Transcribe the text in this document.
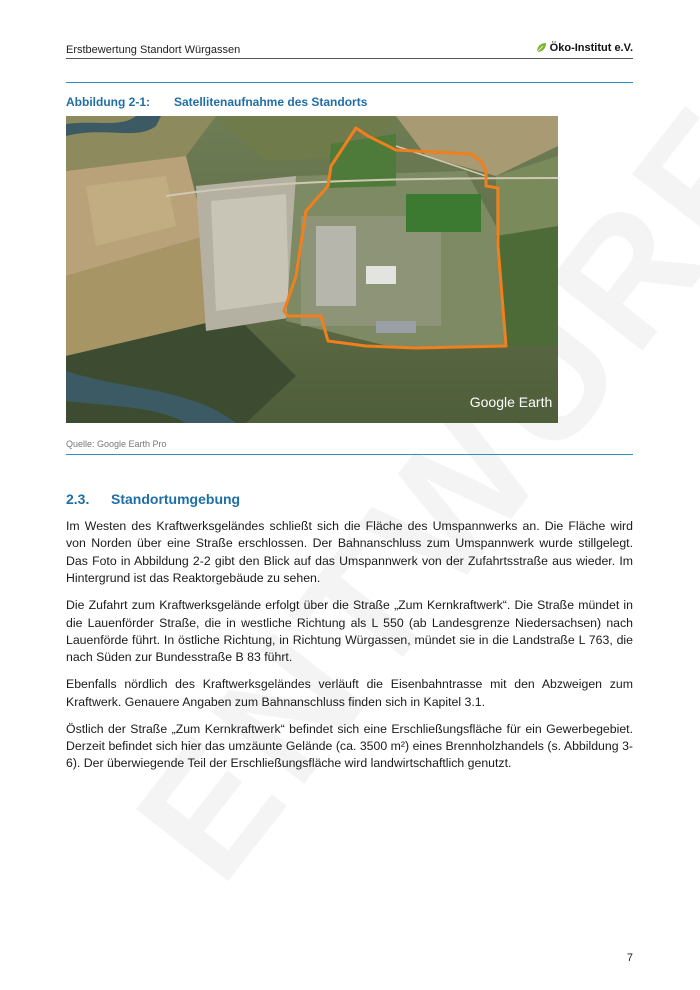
Erstbewertung Standort Würgassen	Öko-Institut e.V.
Abbildung 2-1: Satellitenaufnahme des Standorts
Google Earth
Quelle: Google Earth Pro
2.3. Standortumgebung

Im Westen des Kraftwerksgeländes schließt sich die Fläche des Umspannwerks an. Die Fläche wird von Norden über eine Straße erschlossen. Der Bahnanschluss zum Umspannwerk wurde stillgelegt. Das Foto in Abbildung 2-2 gibt den Blick auf das Umspannwerk von der Zufahrtsstraße aus wieder. Im Hintergrund ist das Reaktorgebäude zu sehen.

Die Zufahrt zum Kraftwerksgelände erfolgt über die Straße „Zum Kernkraftwerk“. Die Straße mündet in die Lauenförder Straße, die in westliche Richtung als L 550 (ab Landesgrenze Niedersachsen) nach Lauenförde führt. In östliche Richtung, in Richtung Würgassen, mündet sie in die Landstraße L 763, die nach Süden zur Bundesstraße B 83 führt.

Ebenfalls nördlich des Kraftwerksgeländes verläuft die Eisenbahntrasse mit den Abzweigen zum Kraftwerk. Genauere Angaben zum Bahnanschluss finden sich in Kapitel 3.1.

Östlich der Straße „Zum Kernkraftwerk“ befindet sich eine Erschließungsfläche für ein Gewerbegebiet. Derzeit befindet sich hier das umzäunte Gelände (ca. 3500 m²) eines Brennholzhandels (s. Abbildung 3-6). Der überwiegende Teil der Erschließungsfläche wird landwirtschaftlich genutzt.

7
